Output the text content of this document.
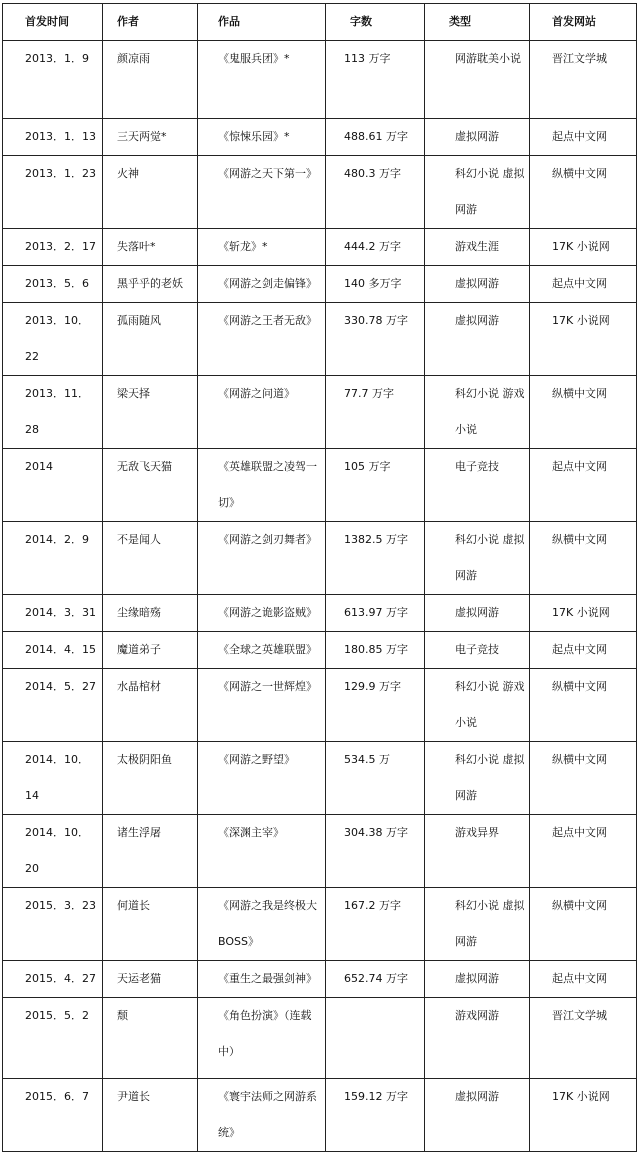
首发时间	作者	作品	字数	类型	首发网站
2013．1．9	颜凉雨	《鬼服兵团》*	113 万字	网游耽美小说	晋江文学城
2013．1．13	三天两觉*	《惊悚乐园》*	488.61 万字	虚拟网游	起点中文网
2013．1．23	火神	《网游之天下第一》	480.3 万字	科幻小说 虚拟网游	纵横中文网
2013．2．17	失落叶*	《斩龙》*	444.2 万字	游戏生涯	17K 小说网
2013．5．6	黑乎乎的老妖	《网游之剑走偏锋》	140 多万字	虚拟网游	起点中文网
2013．10．22	孤雨随风	《网游之王者无敌》	330.78 万字	虚拟网游	17K 小说网
2013．11．28	梁天择	《网游之问道》	77.7 万字	科幻小说 游戏小说	纵横中文网
2014	无敌飞天猫	《英雄联盟之凌驾一切》	105 万字	电子竞技	起点中文网
2014．2．9	不是闻人	《网游之剑刃舞者》	1382.5 万字	科幻小说 虚拟网游	纵横中文网
2014．3．31	尘缘暗殇	《网游之诡影盗贼》	613.97 万字	虚拟网游	17K 小说网
2014．4．15	魔道弟子	《全球之英雄联盟》	180.85 万字	电子竞技	起点中文网
2014．5．27	水晶棺材	《网游之一世辉煌》	129.9 万字	科幻小说 游戏小说	纵横中文网
2014．10．14	太极阴阳鱼	《网游之野望》	534.5 万	科幻小说 虚拟网游	纵横中文网
2014．10．20	诸生浮屠	《深渊主宰》	304.38 万字	游戏异界	起点中文网
2015．3．23	何道长	《网游之我是终极大 BOSS》	167.2 万字	科幻小说 虚拟网游	纵横中文网
2015．4．27	天运老猫	《重生之最强剑神》	652.74 万字	虚拟网游	起点中文网
2015．5．2	颓	《角色扮演》（连载中）		游戏网游	晋江文学城
2015．6．7	尹道长	《寰宇法师之网游系统》	159.12 万字	虚拟网游	17K 小说网
